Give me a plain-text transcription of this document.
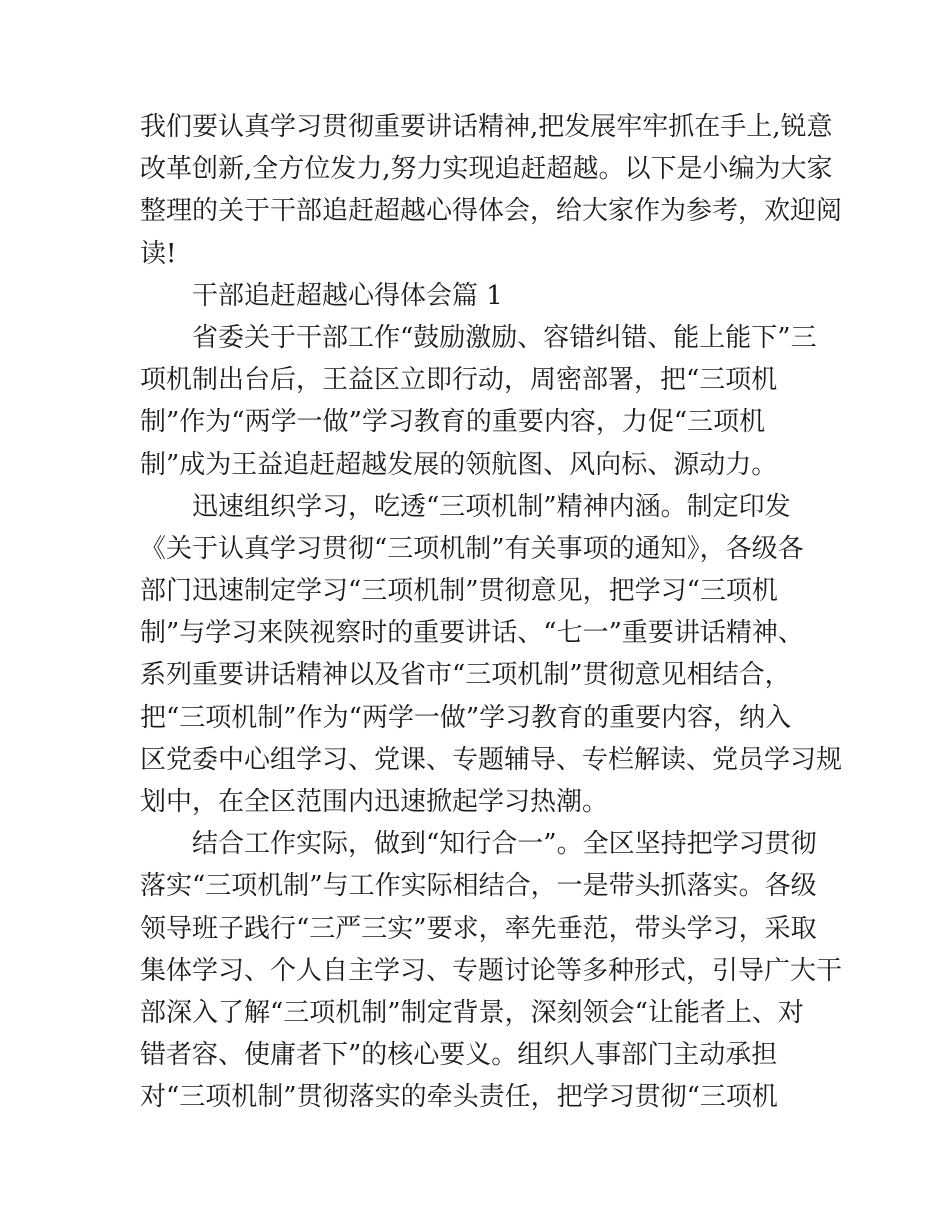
我们要认真学习贯彻重要讲话精神,把发展牢牢抓在手上,锐意
改革创新,全方位发力,努力实现追赶超越。以下是小编为大家
整理的关于干部追赶超越心得体会，给大家作为参考，欢迎阅
读!
干部追赶超越心得体会篇 1
省委关于干部工作“鼓励激励、容错纠错、能上能下”三
项机制出台后，王益区立即行动，周密部署，把“三项机
制”作为“两学一做”学习教育的重要内容，力促“三项机
制”成为王益追赶超越发展的领航图、风向标、源动力。
迅速组织学习，吃透“三项机制”精神内涵。制定印发
《关于认真学习贯彻“三项机制”有关事项的通知》，各级各
部门迅速制定学习“三项机制”贯彻意见，把学习“三项机
制”与学习来陕视察时的重要讲话、“七一”重要讲话精神、
系列重要讲话精神以及省市“三项机制”贯彻意见相结合，
把“三项机制”作为“两学一做”学习教育的重要内容，纳入
区党委中心组学习、党课、专题辅导、专栏解读、党员学习规
划中，在全区范围内迅速掀起学习热潮。
结合工作实际，做到“知行合一”。全区坚持把学习贯彻
落实“三项机制”与工作实际相结合，一是带头抓落实。各级
领导班子践行“三严三实”要求，率先垂范，带头学习，采取
集体学习、个人自主学习、专题讨论等多种形式，引导广大干
部深入了解“三项机制”制定背景，深刻领会“让能者上、对
错者容、使庸者下”的核心要义。组织人事部门主动承担
对“三项机制”贯彻落实的牵头责任，把学习贯彻“三项机
